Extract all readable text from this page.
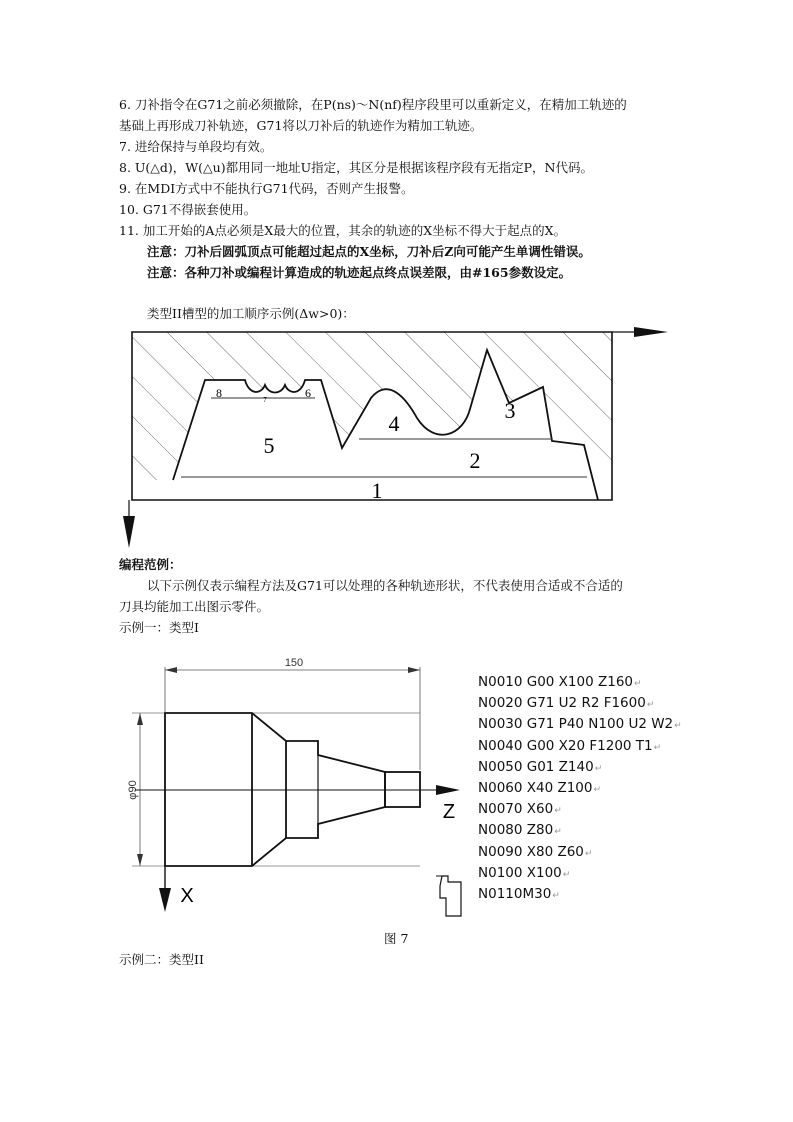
6. 刀补指令在G71之前必须撤除，在P(ns)～N(nf)程序段里可以重新定义，在精加工轨迹的
基础上再形成刀补轨迹，G71将以刀补后的轨迹作为精加工轨迹。
7. 进给保持与单段均有效。
8. U(△d)，W(△u)都用同一地址U指定，其区分是根据该程序段有无指定P，N代码。
9. 在MDI方式中不能执行G71代码，否则产生报警。
10. G71不得嵌套使用。
11. 加工开始的A点必须是X最大的位置，其余的轨迹的X坐标不得大于起点的X。
注意：刀补后圆弧顶点可能超过起点的X坐标，刀补后Z向可能产生单调性错误。
注意：各种刀补或编程计算造成的轨迹起点终点误差限，由#165参数设定。
类型II槽型的加工顺序示例(Δw>0)：
1
2
3
4
5
6
7
8
编程范例：
以下示例仅表示编程方法及G71可以处理的各种轨迹形状，不代表使用合适或不合适的
刀具均能加工出图示零件。
示例一：类型I
150
φ90
Z
X
N0010 G00 X100 Z160↵
N0020 G71 U2 R2 F1600↵
N0030 G71 P40 N100 U2 W2↵
N0040 G00 X20 F1200 T1↵
N0050 G01 Z140↵
N0060 X40 Z100↵
N0070 X60↵
N0080 Z80↵
N0090 X80 Z60↵
N0100 X100↵
N0110M30↵
图 7
示例二：类型II
